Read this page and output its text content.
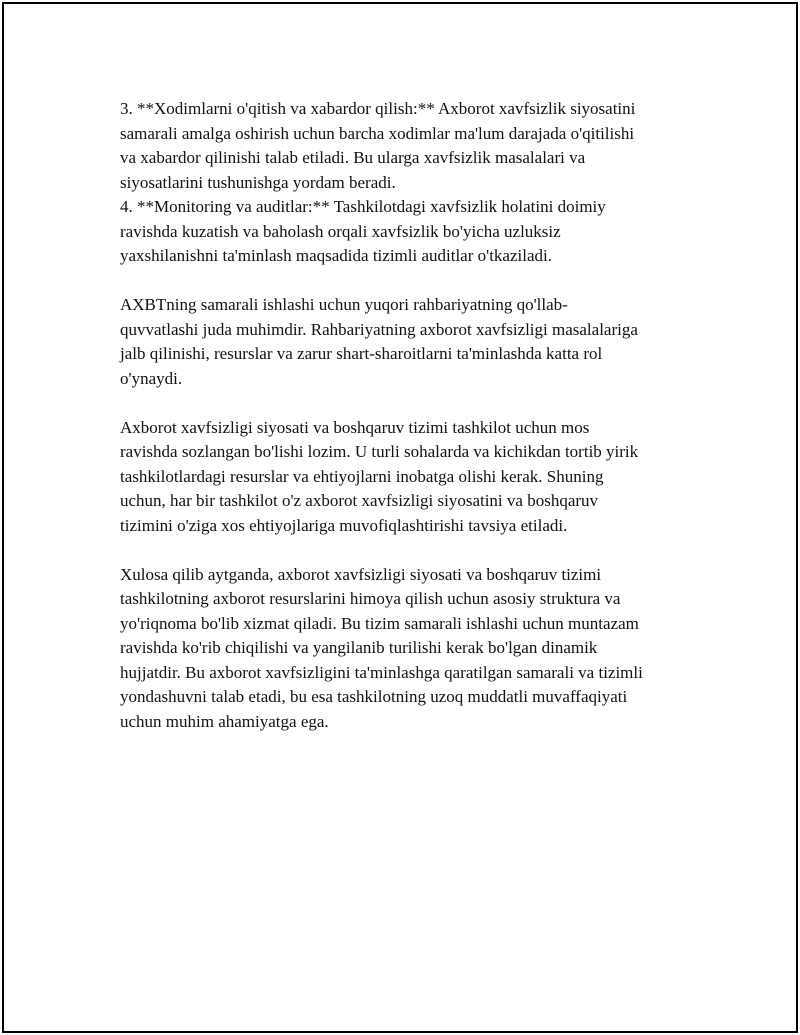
3. **Xodimlarni o'qitish va xabardor qilish:** Axborot xavfsizlik siyosatini
samarali amalga oshirish uchun barcha xodimlar ma'lum darajada o'qitilishi
va xabardor qilinishi talab etiladi. Bu ularga xavfsizlik masalalari va
siyosatlarini tushunishga yordam beradi.
4. **Monitoring va auditlar:** Tashkilotdagi xavfsizlik holatini doimiy
ravishda kuzatish va baholash orqali xavfsizlik bo'yicha uzluksiz
yaxshilanishni ta'minlash maqsadida tizimli auditlar o'tkaziladi.
AXBTning samarali ishlashi uchun yuqori rahbariyatning qo'llab-
quvvatlashi juda muhimdir. Rahbariyatning axborot xavfsizligi masalalariga
jalb qilinishi, resurslar va zarur shart-sharoitlarni ta'minlashda katta rol
o'ynaydi.
Axborot xavfsizligi siyosati va boshqaruv tizimi tashkilot uchun mos
ravishda sozlangan bo'lishi lozim. U turli sohalarda va kichikdan tortib yirik
tashkilotlardagi resurslar va ehtiyojlarni inobatga olishi kerak. Shuning
uchun, har bir tashkilot o'z axborot xavfsizligi siyosatini va boshqaruv
tizimini o'ziga xos ehtiyojlariga muvofiqlashtirishi tavsiya etiladi.
Xulosa qilib aytganda, axborot xavfsizligi siyosati va boshqaruv tizimi
tashkilotning axborot resurslarini himoya qilish uchun asosiy struktura va
yo'riqnoma bo'lib xizmat qiladi. Bu tizim samarali ishlashi uchun muntazam
ravishda ko'rib chiqilishi va yangilanib turilishi kerak bo'lgan dinamik
hujjatdir. Bu axborot xavfsizligini ta'minlashga qaratilgan samarali va tizimli
yondashuvni talab etadi, bu esa tashkilotning uzoq muddatli muvaffaqiyati
uchun muhim ahamiyatga ega.
